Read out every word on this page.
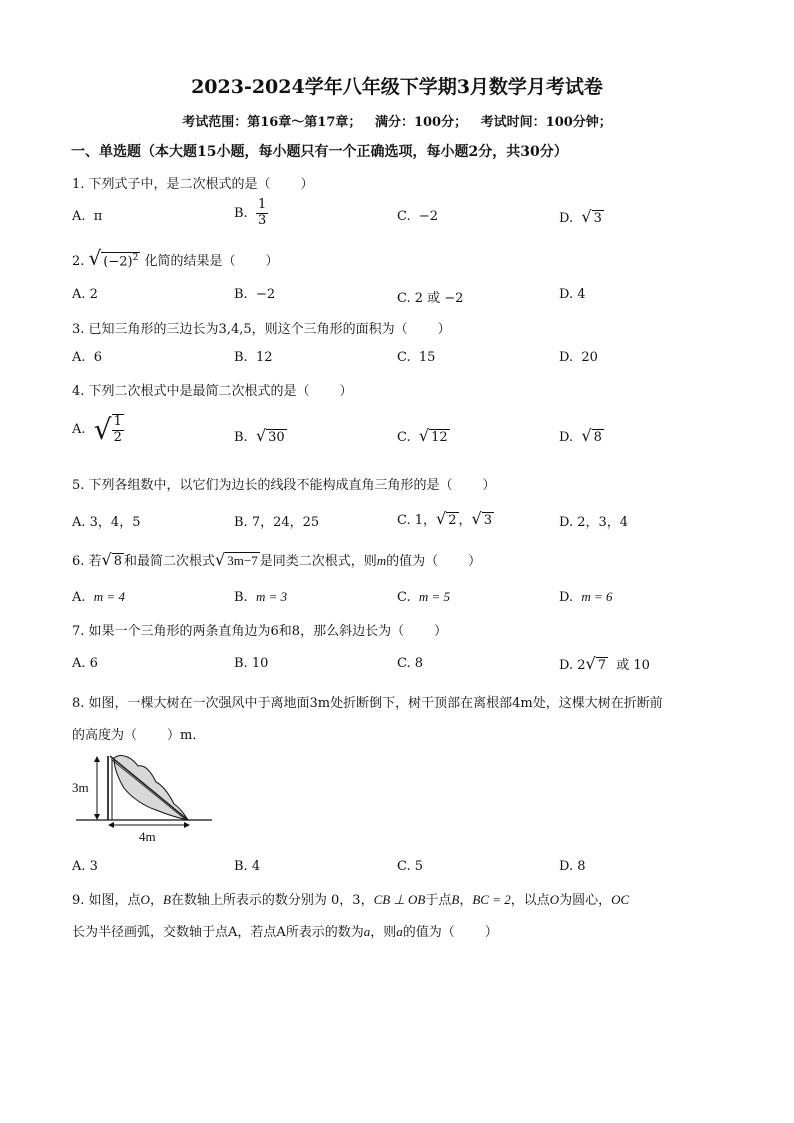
2023-2024学年八年级下学期3月数学月考试卷
考试范围：第16章～第17章；   满分：100分；   考试时间：100分钟；
一、单选题（本大题15小题，每小题只有一个正确选项，每小题2分，共30分）
1. 下列式子中，是二次根式的是（ ）
A. π	B. $\frac{1}{3}$	C. −2	D. √ 3
2. √ $(-2)^2$ 化简的结果是（ ）
A. 2	B. −2	C. 2 或 −2	D. 4
3. 已知三角形的三边长为3,4,5，则这个三角形的面积为（ ）
A. 6	B. 12	C. 15	D. 20
4. 下列二次根式中是最简二次根式的是（ ）
A. √ $\frac{1}{2}$	B. √ 30	C. √ 12	D. √ 8
5. 下列各组数中，以它们为边长的线段不能构成直角三角形的是（ ）
A. 3，4，5	B. 7，24，25	C. 1，√ 2 ，√ 3	D. 2，3，4
6. 若√ 8 和最简二次根式√ 3m−7 是同类二次根式，则m的值为（ ）
A. m = 4	B. m = 3	C. m = 5	D. m = 6
7. 如果一个三角形的两条直角边为6和8，那么斜边长为（ ）
A. 6	B. 10	C. 8	D. 2√ 7 或 10
8. 如图，一棵大树在一次强风中于离地面3m处折断倒下，树干顶部在离根部4m处，这棵大树在折断前
的高度为（ ）m．
3m
4m
A. 3	B. 4	C. 5	D. 8
9. 如图，点O，B在数轴上所表示的数分别为 0，3，CB ⊥ OB于点B，BC = 2，以点O为圆心，OC
长为半径画弧，交数轴于点A，若点A所表示的数为a，则a的值为（ ）
